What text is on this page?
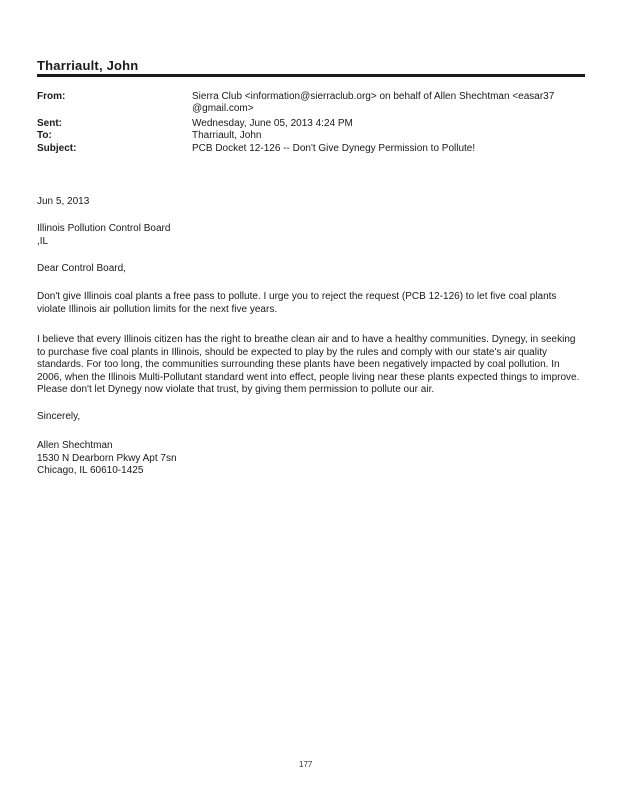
Tharriault, John
From:	Sierra Club <information@sierraclub.org> on behalf of Allen Shechtman <easar37
@gmail.com>
Sent:	Wednesday, June 05, 2013 4:24 PM
To:	Tharriault, John
Subject:	PCB Docket 12-126 -- Don't Give Dynegy Permission to Pollute!
Jun 5, 2013
Illinois Pollution Control Board
,IL
Dear Control Board,
Don't give Illinois coal plants a free pass to pollute. I urge you to reject the request (PCB 12-126) to let five coal plants violate Illinois air pollution limits for the next five years.
I believe that every Illinois citizen has the right to breathe clean air and to have a healthy communities. Dynegy, in seeking to purchase five coal plants in Illinois, should be expected to play by the rules and comply with our state's air quality standards. For too long, the communities surrounding these plants have been negatively impacted by coal pollution. In 2006, when the Illinois Multi-Pollutant standard went into effect, people living near these plants expected things to improve. Please don't let Dynegy now violate that trust, by giving them permission to pollute our air.
Sincerely,
Allen Shechtman
1530 N Dearborn Pkwy Apt 7sn
Chicago, IL 60610-1425
177
